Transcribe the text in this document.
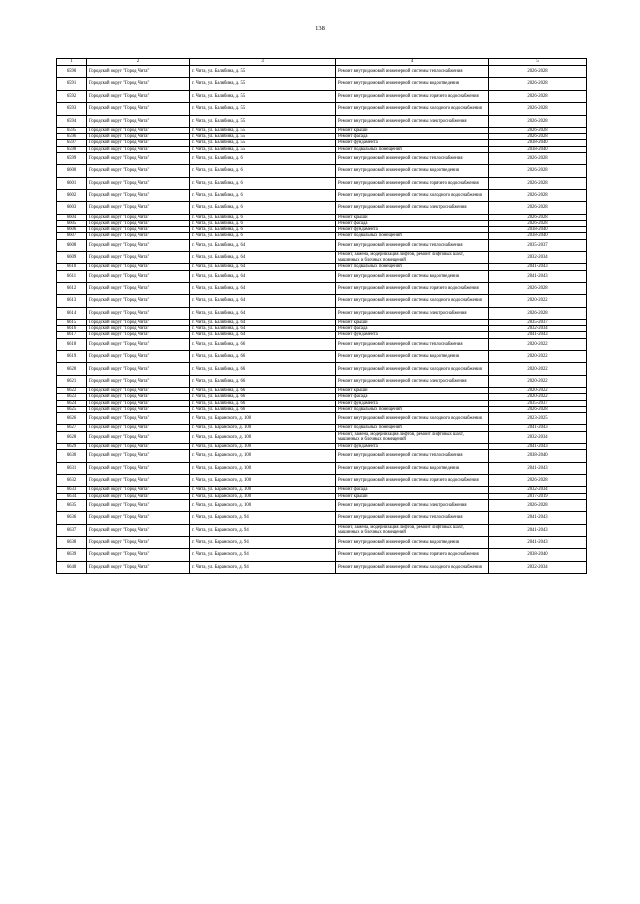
138
1	2	3	4	5
6590	Городской округ "Город Чита"	г. Чита, ул. Балябина, д. 55	Ремонт внутридомовой инженерной системы теплоснабжения	2026-2028
6591	Городской округ "Город Чита"	г. Чита, ул. Балябина, д. 55	Ремонт внутридомовой инженерной системы водоотведения	2026-2028
6592	Городской округ "Город Чита"	г. Чита, ул. Балябина, д. 55	Ремонт внутридомовой инженерной системы горячего водоснабжения	2026-2028
6593	Городской округ "Город Чита"	г. Чита, ул. Балябина, д. 55	Ремонт внутридомовой инженерной системы холодного водоснабжения	2026-2028
6594	Городской округ "Город Чита"	г. Чита, ул. Балябина, д. 55	Ремонт внутридомовой инженерной системы электроснабжения	2026-2028
6595	Городской округ "Город Чита"	г. Чита, ул. Балябина, д. 55	Ремонт крыши	2026-2028
6596	Городской округ "Город Чита"	г. Чита, ул. Балябина, д. 55	Ремонт фасада	2026-2028
6597	Городской округ "Город Чита"	г. Чита, ул. Балябина, д. 55	Ремонт фундамента	2038-2040
6598	Городской округ "Город Чита"	г. Чита, ул. Балябина, д. 55	Ремонт подвальных помещений	2038-2040
6599	Городской округ "Город Чита"	г. Чита, ул. Балябина, д. 6	Ремонт внутридомовой инженерной системы теплоснабжения	2026-2028
6600	Городской округ "Город Чита"	г. Чита, ул. Балябина, д. 6	Ремонт внутридомовой инженерной системы водоотведения	2026-2028
6601	Городской округ "Город Чита"	г. Чита, ул. Балябина, д. 6	Ремонт внутридомовой инженерной системы горячего водоснабжения	2026-2028
6602	Городской округ "Город Чита"	г. Чита, ул. Балябина, д. 6	Ремонт внутридомовой инженерной системы холодного водоснабжения	2026-2028
6603	Городской округ "Город Чита"	г. Чита, ул. Балябина, д. 6	Ремонт внутридомовой инженерной системы электроснабжения	2026-2028
6604	Городской округ "Город Чита"	г. Чита, ул. Балябина, д. 6	Ремонт крыши	2026-2028
6605	Городской округ "Город Чита"	г. Чита, ул. Балябина, д. 6	Ремонт фасада	2026-2028
6606	Городской округ "Город Чита"	г. Чита, ул. Балябина, д. 6	Ремонт фундамента	2038-2040
6607	Городской округ "Город Чита"	г. Чита, ул. Балябина, д. 6	Ремонт подвальных помещений	2038-2040
6608	Городской округ "Город Чита"	г. Чита, ул. Балябина, д. 64	Ремонт внутридомовой инженерной системы теплоснабжения	2035-2037
6609	Городской округ "Город Чита"	г. Чита, ул. Балябина, д. 64	Ремонт, замена, модернизация лифтов, ремонт лифтовых шахт, машинных и блочных помещений	2032-2034
6610	Городской округ "Город Чита"	г. Чита, ул. Балябина, д. 64	Ремонт подвальных помещений	2041-2043
6611	Городской округ "Город Чита"	г. Чита, ул. Балябина, д. 64	Ремонт внутридомовой инженерной системы водоотведения	2041-2043
6612	Городской округ "Город Чита"	г. Чита, ул. Балябина, д. 64	Ремонт внутридомовой инженерной системы горячего водоснабжения	2026-2028
6613	Городской округ "Город Чита"	г. Чита, ул. Балябина, д. 64	Ремонт внутридомовой инженерной системы холодного водоснабжения	2020-2022
6614	Городской округ "Город Чита"	г. Чита, ул. Балябина, д. 64	Ремонт внутридомовой инженерной системы электроснабжения	2026-2028
6615	Городской округ "Город Чита"	г. Чита, ул. Балябина, д. 64	Ремонт крыши	2035-2037
6616	Городской округ "Город Чита"	г. Чита, ул. Балябина, д. 64	Ремонт фасада	2032-2034
6617	Городской округ "Город Чита"	г. Чита, ул. Балябина, д. 64	Ремонт фундамента	2041-2043
6618	Городской округ "Город Чита"	г. Чита, ул. Балябина, д. 66	Ремонт внутридомовой инженерной системы теплоснабжения	2020-2022
6619	Городской округ "Город Чита"	г. Чита, ул. Балябина, д. 66	Ремонт внутридомовой инженерной системы водоотведения	2020-2022
6620	Городской округ "Город Чита"	г. Чита, ул. Балябина, д. 66	Ремонт внутридомовой инженерной системы холодного водоснабжения	2020-2022
6621	Городской округ "Город Чита"	г. Чита, ул. Балябина, д. 66	Ремонт внутридомовой инженерной системы электроснабжения	2020-2022
6622	Городской округ "Город Чита"	г. Чита, ул. Балябина, д. 66	Ремонт крыши	2020-2022
6623	Городской округ "Город Чита"	г. Чита, ул. Балябина, д. 66	Ремонт фасада	2020-2022
6624	Городской округ "Город Чита"	г. Чита, ул. Балябина, д. 66	Ремонт фундамента	2035-2037
6625	Городской округ "Город Чита"	г. Чита, ул. Балябина, д. 66	Ремонт подвальных помещений	2026-2028
6626	Городской округ "Город Чита"	г. Чита, ул. Баранского, д. 100	Ремонт внутридомовой инженерной системы холодного водоснабжения	2023-2025
6627	Городской округ "Город Чита"	г. Чита, ул. Баранского, д. 100	Ремонт подвальных помещений	2041-2043
6628	Городской округ "Город Чита"	г. Чита, ул. Баранского, д. 100	Ремонт, замена, модернизация лифтов, ремонт лифтовых шахт, машинных и блочных помещений	2032-2034
6629	Городской округ "Город Чита"	г. Чита, ул. Баранского, д. 100	Ремонт фундамента	2041-2043
6630	Городской округ "Город Чита"	г. Чита, ул. Баранского, д. 100	Ремонт внутридомовой инженерной системы теплоснабжения	2038-2040
6631	Городской округ "Город Чита"	г. Чита, ул. Баранского, д. 100	Ремонт внутридомовой инженерной системы водоотведения	2041-2043
6632	Городской округ "Город Чита"	г. Чита, ул. Баранского, д. 100	Ремонт внутридомовой инженерной системы горячего водоснабжения	2026-2028
6633	Городской округ "Город Чита"	г. Чита, ул. Баранского, д. 100	Ремонт фасада	2032-2034
6634	Городской округ "Город Чита"	г. Чита, ул. Баранского, д. 100	Ремонт крыши	2017-2019
6635	Городской округ "Город Чита"	г. Чита, ул. Баранского, д. 100	Ремонт внутридомовой инженерной системы электроснабжения	2026-2028
6636	Городской округ "Город Чита"	г. Чита, ул. Баранского, д. 94	Ремонт внутридомовой инженерной системы теплоснабжения	2041-2043
6637	Городской округ "Город Чита"	г. Чита, ул. Баранского, д. 94	Ремонт, замена, модернизация лифтов, ремонт лифтовых шахт, машинных и блочных помещений	2041-2043
6638	Городской округ "Город Чита"	г. Чита, ул. Баранского, д. 94	Ремонт внутридомовой инженерной системы водоотведения	2041-2043
6639	Городской округ "Город Чита"	г. Чита, ул. Баранского, д. 94	Ремонт внутридомовой инженерной системы горячего водоснабжения	2038-2040
6640	Городской округ "Город Чита"	г. Чита, ул. Баранского, д. 94	Ремонт внутридомовой инженерной системы холодного водоснабжения	2032-2034
